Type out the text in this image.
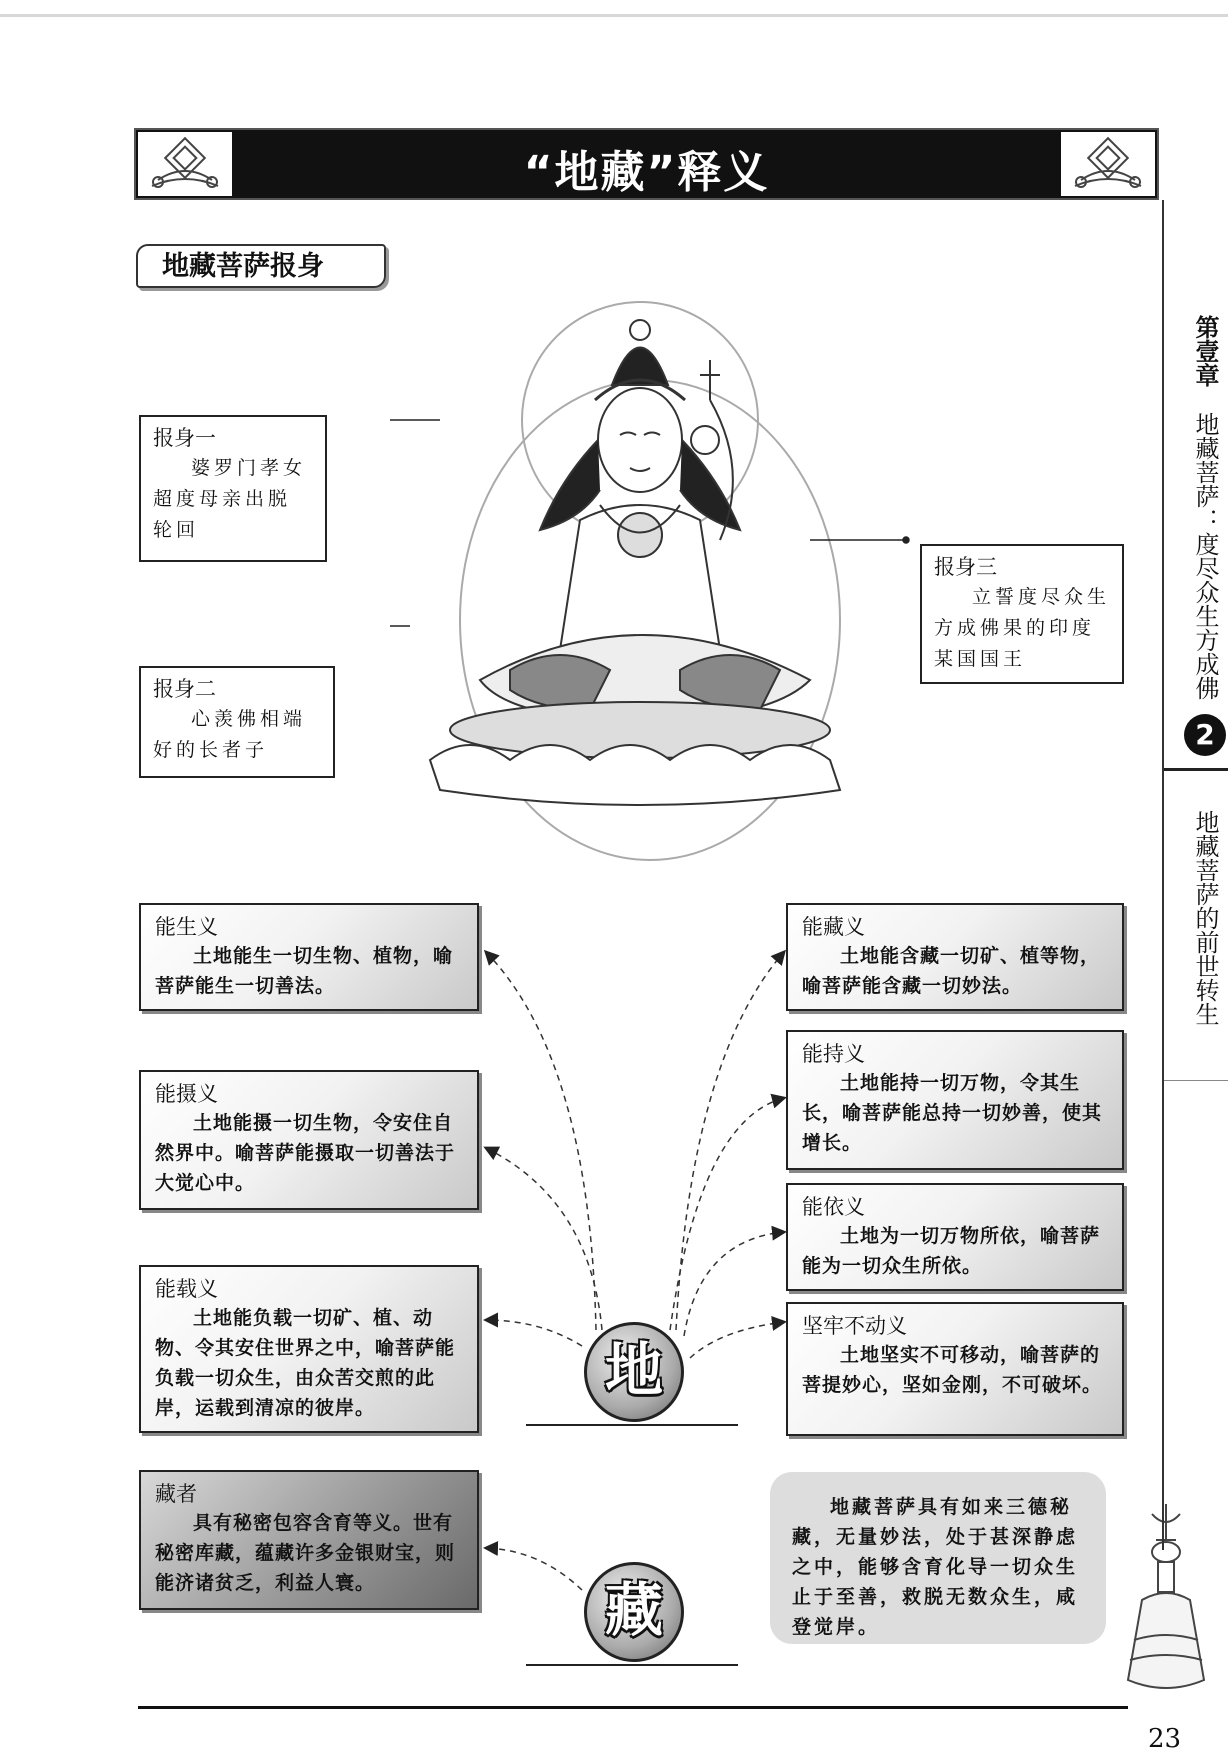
“地藏”释义
地藏菩萨报身
报身一
婆罗门孝女超度母亲出脱轮回
报身二
心羡佛相端好的长者子
报身三
立誓度尽众生方成佛果的印度某国国王
能生义
土地能生一切生物、植物，喻菩萨能生一切善法。
能摄义
土地能摄一切生物，令安住自然界中。喻菩萨能摄取一切善法于大觉心中。
能载义
土地能负载一切矿、植、动物、令其安住世界之中，喻菩萨能负载一切众生，由众苦交煎的此岸，运载到清凉的彼岸。
能藏义
土地能含藏一切矿、植等物，喻菩萨能含藏一切妙法。
能持义
土地能持一切万物，令其生长，喻菩萨能总持一切妙善，使其增长。
能依义
土地为一切万物所依，喻菩萨能为一切众生所依。
坚牢不动义
土地坚实不可移动，喻菩萨的菩提妙心，坚如金刚，不可破坏。
地
藏者
具有秘密包容含育等义。世有秘密库藏，蕴藏许多金银财宝，则能济诸贫乏，利益人寰。	藏
地藏菩萨具有如来三德秘藏，无量妙法，处于甚深静虑之中，能够含育化导一切众生止于至善，救脱无数众生，咸登觉岸。
第壹章
地藏菩萨：度尽众生方成佛
2
地藏菩萨的前世转生
23
